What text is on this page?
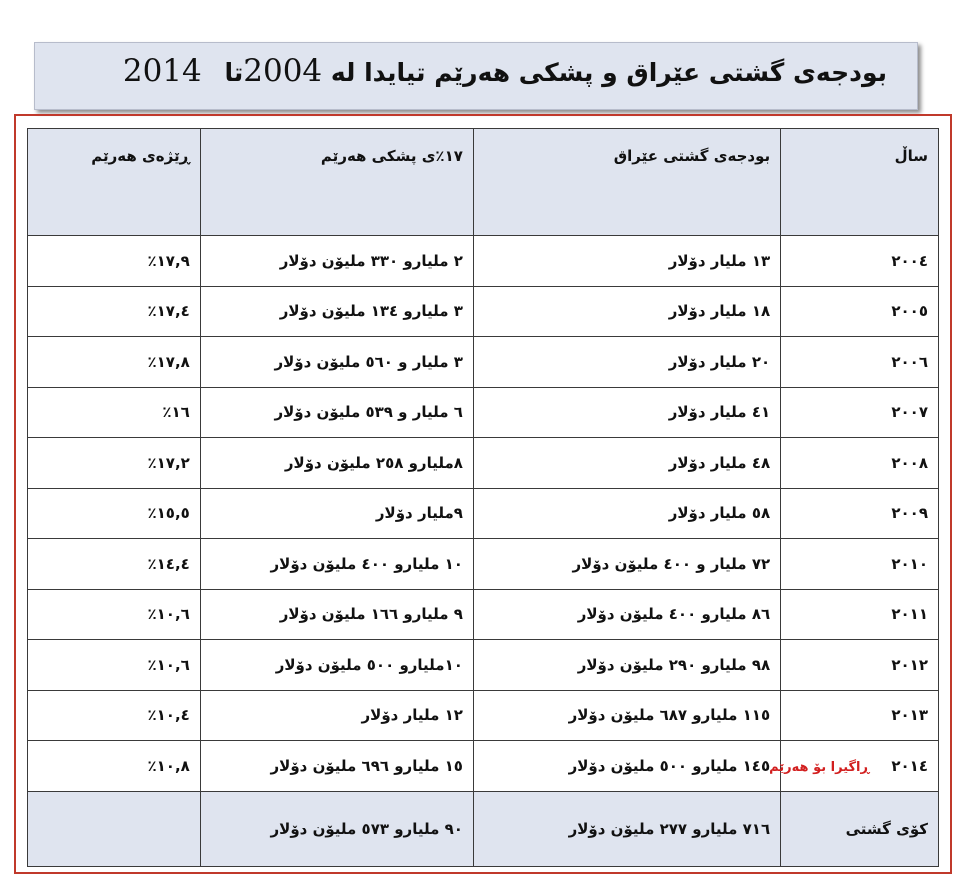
بودجەی گشتی عێراق و پشکی هەرێم تیایدا لە 2004تا 2014
ساڵ	بودجەی گشتی عێراق	١٧٪ی پشکی هەرێم	ڕێژەی هەرێم
٢٠٠٤	١٣ ملیار دۆلار	٢ ملیارو ٣٣٠ ملیۆن دۆلار	١٧,٩٪
٢٠٠٥	١٨ ملیار دۆلار	٣ ملیارو ١٣٤ ملیۆن دۆلار	١٧,٤٪
٢٠٠٦	٢٠ ملیار دۆلار	٣ ملیار و ٥٦٠ ملیۆن دۆلار	١٧,٨٪
٢٠٠٧	٤١ ملیار دۆلار	٦ ملیار و ٥٣٩ ملیۆن دۆلار	١٦٪
٢٠٠٨	٤٨ ملیار دۆلار	٨ملیارو ٢٥٨ ملیۆن دۆلار	١٧,٢٪
٢٠٠٩	٥٨ ملیار دۆلار	٩ملیار دۆلار	١٥,٥٪
٢٠١٠	٧٢ ملیار و ٤٠٠ ملیۆن دۆلار	١٠ ملیارو ٤٠٠ ملیۆن دۆلار	١٤,٤٪
٢٠١١	٨٦ ملیارو ٤٠٠ ملیۆن دۆلار	٩ ملیارو ١٦٦ ملیۆن دۆلار	١٠,٦٪
٢٠١٢	٩٨ ملیارو ٢٩٠ ملیۆن دۆلار	١٠ملیارو ٥٠٠ ملیۆن دۆلار	١٠,٦٪
٢٠١٣	١١٥ ملیارو ٦٨٧ ملیۆن دۆلار	١٢ ملیار دۆلار	١٠,٤٪
٢٠١٤ڕاگیرا بۆ هەرێم	١٤٥ ملیارو ٥٠٠ ملیۆن دۆلار	١٥ ملیارو ٦٩٦ ملیۆن دۆلار	١٠,٨٪
کۆی گشتی	٧١٦ ملیارو ٢٧٧ ملیۆن دۆلار	٩٠ ملیارو ٥٧٣ ملیۆن دۆلار	
